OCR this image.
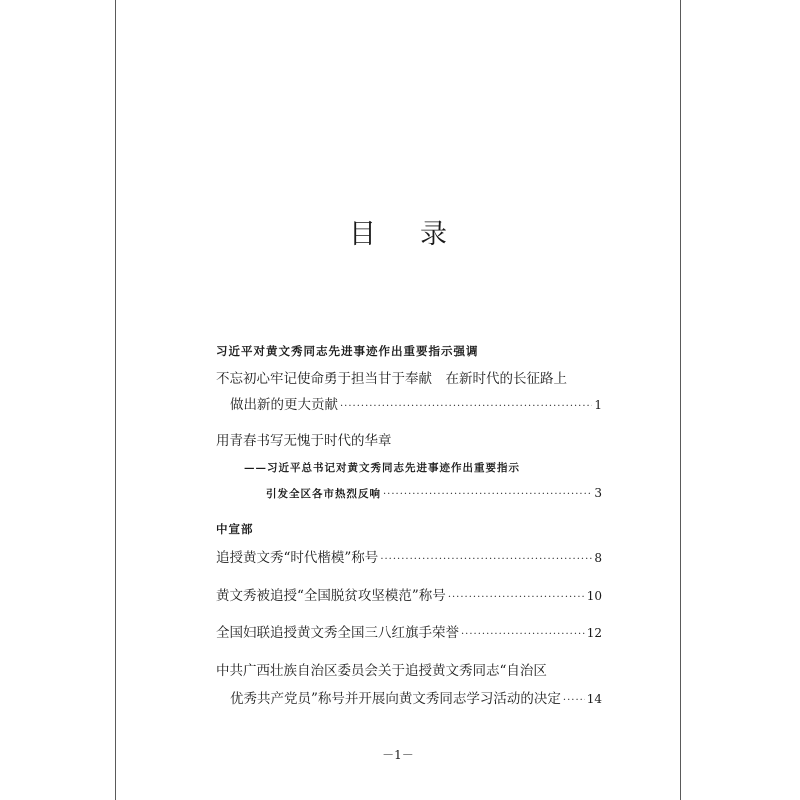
目 录
习近平对黄文秀同志先进事迹作出重要指示强调
不忘初心牢记使命勇于担当甘于奉献　在新时代的长征路上
做出新的更大贡献 ·····	1
用青春书写无愧于时代的华章
——习近平总书记对黄文秀同志先进事迹作出重要指示
引发全区各市热烈反响 ·····	3
中宣部
追授黄文秀“时代楷模”称号 ·····	8
黄文秀被追授“全国脱贫攻坚模范”称号 ·····	10
全国妇联追授黄文秀全国三八红旗手荣誉 ·····	12
中共广西壮族自治区委员会关于追授黄文秀同志“自治区
优秀共产党员”称号并开展向黄文秀同志学习活动的决定 ····· 14
－1－
